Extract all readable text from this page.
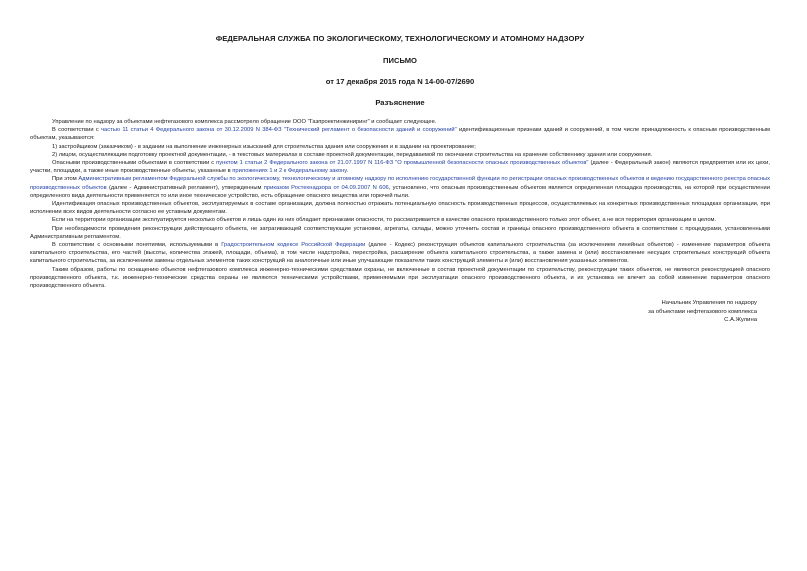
ФЕДЕРАЛЬНАЯ СЛУЖБА ПО ЭКОЛОГИЧЕСКОМУ, ТЕХНОЛОГИЧЕСКОМУ И АТОМНОМУ НАДЗОРУ
ПИСЬМО
от 17 декабря 2015 года N 14-00-07/2690
Разъяснение

Управление по надзору за объектами нефтегазового комплекса рассмотрело обращение ООО "Газпроектинжиниринг" и сообщает следующее.

В соответствии с частью 11 статьи 4 Федерального закона от 30.12.2009 N 384-ФЗ "Технический регламент о безопасности зданий и сооружений" идентификационные признаки зданий и сооружений, в том числе принадлежность к опасным производственным объектам, указываются:

1) застройщиком (заказчиком) - в задании на выполнение инженерных изысканий для строительства здания или сооружения и в задании на проектирование;

2) лицом, осуществляющим подготовку проектной документации, - в текстовых материалах в составе проектной документации, передаваемой по окончании строительства на хранение собственнику здания или сооружения.

Опасными производственными объектами в соответствии с пунктом 1 статьи 2 Федерального закона от 21.07.1997 N 116-ФЗ "О промышленной безопасности опасных производственных объектов" (далее - Федеральный закон) являются предприятия или их цехи, участки, площадки, а также иные производственные объекты, указанные в приложениях 1 и 2 к Федеральному закону.

При этом Административным регламентом Федеральной службы по экологическому, технологическому и атомному надзору по исполнению государственной функции по регистрации опасных производственных объектов и ведению государственного реестра опасных производственных объектов (далее - Административный регламент), утвержденным приказом Ростехнадзора от 04.09.2007 N 606, установлено, что опасным производственным объектом является определенная площадка производства, на которой при осуществлении определенного вида деятельности применяется то или иное техническое устройство, есть обращение опасного вещества или горючей пыли.

Идентификация опасных производственных объектов, эксплуатируемых в составе организации, должна полностью отражать потенциальную опасность производственных процессов, осуществляемых на конкретных производственных площадках организации, при исполнении всех видов деятельности согласно ее уставным документам.

Если на территории организации эксплуатируется несколько объектов и лишь один из них обладает признаками опасности, то рассматривается в качестве опасного производственного только этот объект, а не вся территория организации в целом.

При необходимости проведения реконструкции действующего объекта, не затрагивающей соответствующие установки, агрегаты, склады, можно уточнить состав и границы опасного производственного объекта в соответствии с процедурами, установленными Административным регламентом.

В соответствии с основными понятиями, используемыми в Градостроительном кодексе Российской Федерации (далее - Кодекс) реконструкция объектов капитального строительства (за исключением линейных объектов) - изменение параметров объекта капитального строительства, его частей (высоты, количества этажей, площади, объема), в том числе надстройка, перестройка, расширение объекта капитального строительства, а также замена и (или) восстановление несущих строительных конструкций объекта капитального строительства, за исключением замены отдельных элементов таких конструкций на аналогичные или иные улучшающие показатели таких конструкций элементы и (или) восстановления указанных элементов.

Таким образом, работы по оснащению объектов нефтегазового комплекса инженерно-техническими средствами охраны, не включенные в состав проектной документации по строительству, реконструкции таких объектов, не являются реконструкцией опасного производственного объекта, т.к. инженерно-технические средства охраны не являются техническими устройствами, применяемыми при эксплуатации опасного производственного объекта, и их установка не влечет за собой изменение параметров опасного производственного объекта.

Начальник Управления по надзору
за объектами нефтегазового комплекса
С.А.Жулина
